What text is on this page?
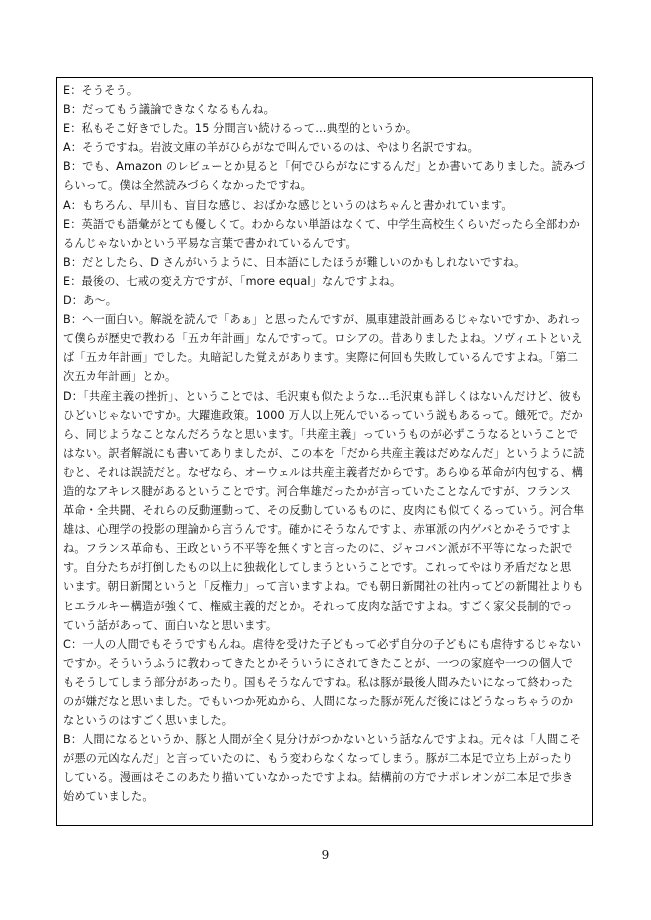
E：そうそう。
B：だってもう議論できなくなるもんね。
E：私もそこ好きでした。15 分間言い続けるって…典型的というか。
A：そうですね。岩波文庫の羊がひらがなで叫んでいるのは、やはり名訳ですね。
B：でも、Amazon のレビューとか見ると「何でひらがなにするんだ」とか書いてありました。読みづ
らいって。僕は全然読みづらくなかったですね。
A：もちろん、早川も、盲目な感じ、おばかな感じというのはちゃんと書かれています。
E：英語でも語彙がとても優しくて。わからない単語はなくて、中学生高校生くらいだったら全部わか
るんじゃないかという平易な言葉で書かれているんです。
B：だとしたら、D さんがいうように、日本語にしたほうが難しいのかもしれないですね。
E：最後の、七戒の変え方ですが、「more equal」なんですよね。
D：あ〜。
B：へ一面白い。解説を読んで「あぁ」と思ったんですが、風車建設計画あるじゃないですか、あれっ
て僕らが歴史で教わる「五カ年計画」なんですって。ロシアの。昔ありましたよね。ソヴィエトといえ
ば「五カ年計画」でした。丸暗記した覚えがあります。実際に何回も失敗しているんですよね。「第二
次五カ年計画」とか。
D：「共産主義の挫折」、ということでは、毛沢東も似たような…毛沢東も詳しくはないんだけど、彼も
ひどいじゃないですか。大躍進政策。1000 万人以上死んでいるっていう説もあるって。餓死で。だか
ら、同じようなことなんだろうなと思います。「共産主義」っていうものが必ずこうなるということで
はない。訳者解説にも書いてありましたが、この本を「だから共産主義はだめなんだ」というように読
むと、それは誤読だと。なぜなら、オーウェルは共産主義者だからです。あらゆる革命が内包する、構
造的なアキレス腱があるということです。河合隼雄だったかが言っていたことなんですが、フランス
革命・全共闘、それらの反動運動って、その反動しているものに、皮肉にも似てくるっていう。河合隼
雄は、心理学の投影の理論から言うんです。確かにそうなんですよ、赤軍派の内ゲバとかそうですよ
ね。フランス革命も、王政という不平等を無くすと言ったのに、ジャコバン派が不平等になった訳で
す。自分たちが打倒したもの以上に独裁化してしまうということです。これってやはり矛盾だなと思
います。朝日新聞というと「反権力」って言いますよね。でも朝日新聞社の社内ってどの新聞社よりも
ヒエラルキー構造が強くて、権威主義的だとか。それって皮肉な話ですよね。すごく家父長制的でっ
ていう話があって、面白いなと思います。
C：一人の人間でもそうですもんね。虐待を受けた子どもって必ず自分の子どもにも虐待するじゃない
ですか。そういうふうに教わってきたとかそういうにされてきたことが、一つの家庭や一つの個人で
もそうしてしまう部分があったり。国もそうなんですね。私は豚が最後人間みたいになって終わった
のが嫌だなと思いました。でもいつか死ぬから、人間になった豚が死んだ後にはどうなっちゃうのか
なというのはすごく思いました。
B：人間になるというか、豚と人間が全く見分けがつかないという話なんですよね。元々は「人間こそ
が悪の元凶なんだ」と言っていたのに、もう変わらなくなってしまう。豚が二本足で立ち上がったり
している。漫画はそこのあたり描いていなかったですよね。結構前の方でナポレオンが二本足で歩き
始めていました。
9
